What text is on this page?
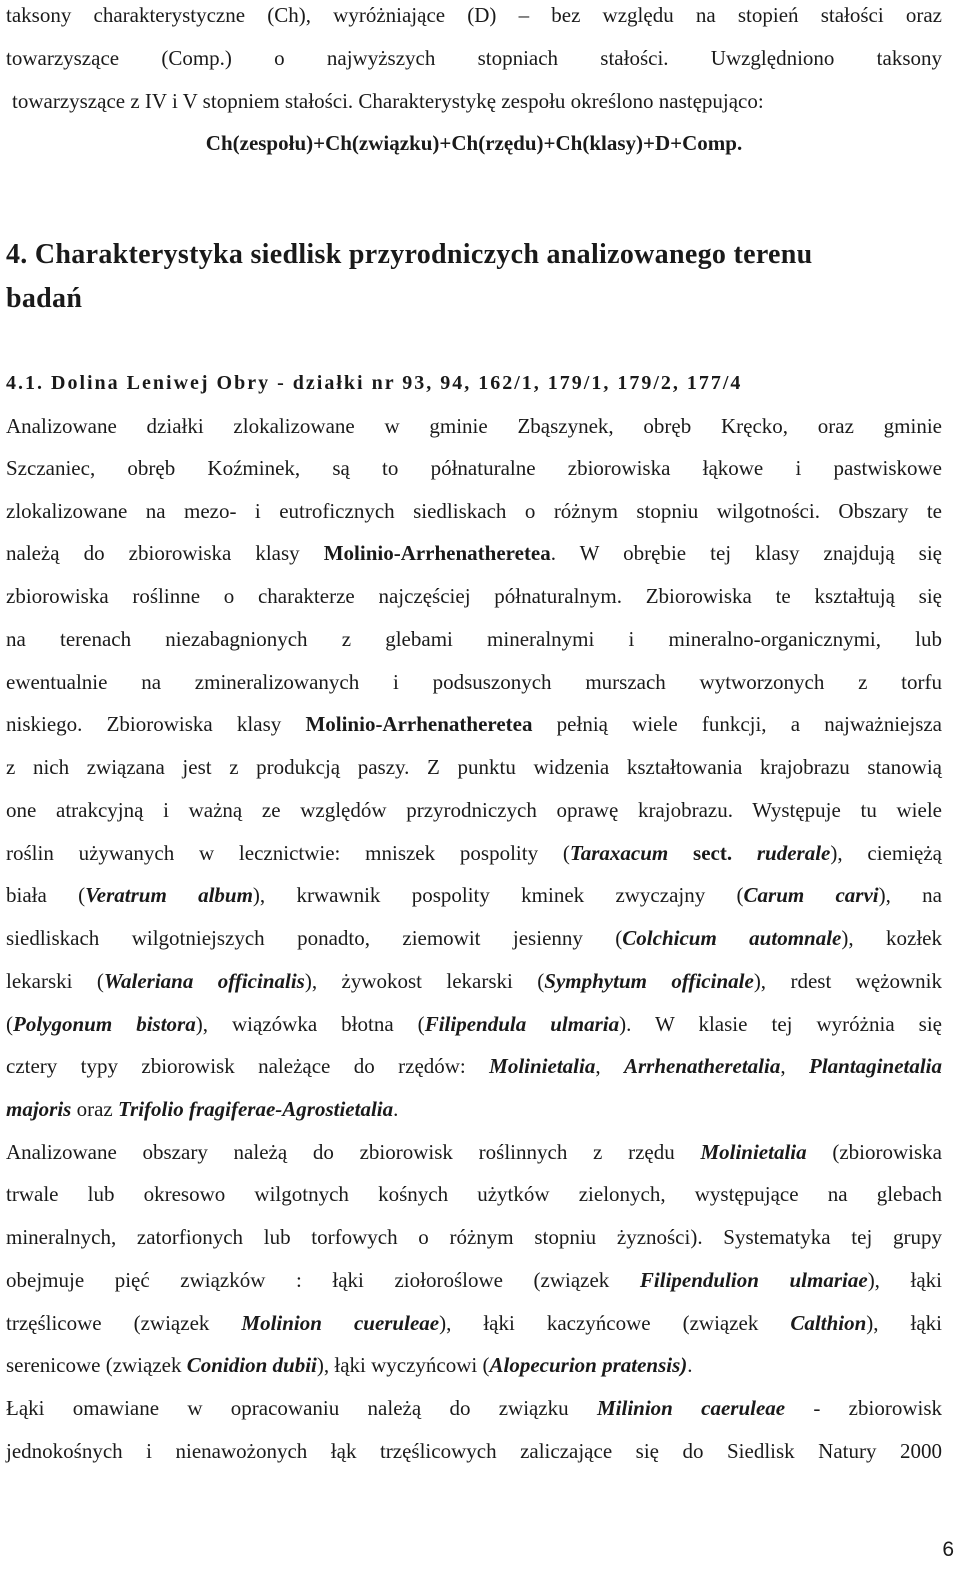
taksony charakterystyczne (Ch), wyróżniające (D) – bez względu na stopień stałości oraz
towarzyszące (Comp.) o najwyższych stopniach stałości. Uwzględniono taksony
towarzyszące z IV i V stopniem stałości. Charakterystykę zespołu określono następująco:
Ch(zespołu)+Ch(związku)+Ch(rzędu)+Ch(klasy)+D+Comp.
4. Charakterystyka siedlisk przyrodniczych analizowanego terenu
badań
4.1. Dolina Leniwej Obry - działki nr 93, 94, 162/1, 179/1, 179/2, 177/4
Analizowane działki zlokalizowane w gminie Zbąszynek, obręb Kręcko, oraz gminie
Szczaniec, obręb Koźminek, są to półnaturalne zbiorowiska łąkowe i pastwiskowe
zlokalizowane na mezo- i eutroficznych siedliskach o różnym stopniu wilgotności. Obszary te
należą do zbiorowiska klasy Molinio-Arrhenatheretea. W obrębie tej klasy znajdują się
zbiorowiska roślinne o charakterze najczęściej półnaturalnym. Zbiorowiska te kształtują się
na terenach niezabagnionych z glebami mineralnymi i mineralno-organicznymi, lub
ewentualnie na zmineralizowanych i podsuszonych murszach wytworzonych z torfu
niskiego. Zbiorowiska klasy Molinio-Arrhenatheretea pełnią wiele funkcji, a najważniejsza
z nich związana jest z produkcją paszy. Z punktu widzenia kształtowania krajobrazu stanowią
one atrakcyjną i ważną ze względów przyrodniczych oprawę krajobrazu. Występuje tu wiele
roślin używanych w lecznictwie: mniszek pospolity (Taraxacum sect. ruderale), ciemiężą
biała (Veratrum album), krwawnik pospolity kminek zwyczajny (Carum carvi), na
siedliskach wilgotniejszych ponadto, ziemowit jesienny (Colchicum automnale), kozłek
lekarski (Waleriana officinalis), żywokost lekarski (Symphytum officinale), rdest wężownik
(Polygonum bistora), wiązówka błotna (Filipendula ulmaria). W klasie tej wyróżnia się
cztery typy zbiorowisk należące do rzędów: Molinietalia, Arrhenatheretalia, Plantaginetalia
majoris oraz Trifolio fragiferae-Agrostietalia.
Analizowane obszary należą do zbiorowisk roślinnych z rzędu Molinietalia (zbiorowiska
trwale lub okresowo wilgotnych kośnych użytków zielonych, występujące na glebach
mineralnych, zatorfionych lub torfowych o różnym stopniu żyzności). Systematyka tej grupy
obejmuje pięć związków : łąki ziołoroślowe (związek Filipendulion ulmariae), łąki
trzęślicowe (związek Molinion cueruleae), łąki kaczyńcowe (związek Calthion), łąki
serenicowe (związek Conidion dubii), łąki wyczyńcowi (Alopecurion pratensis).
Łąki omawiane w opracowaniu należą do związku Milinion caeruleae - zbiorowisk
jednokośnych i nienawożonych łąk trzęślicowych zaliczające się do Siedlisk Natury 2000
6
